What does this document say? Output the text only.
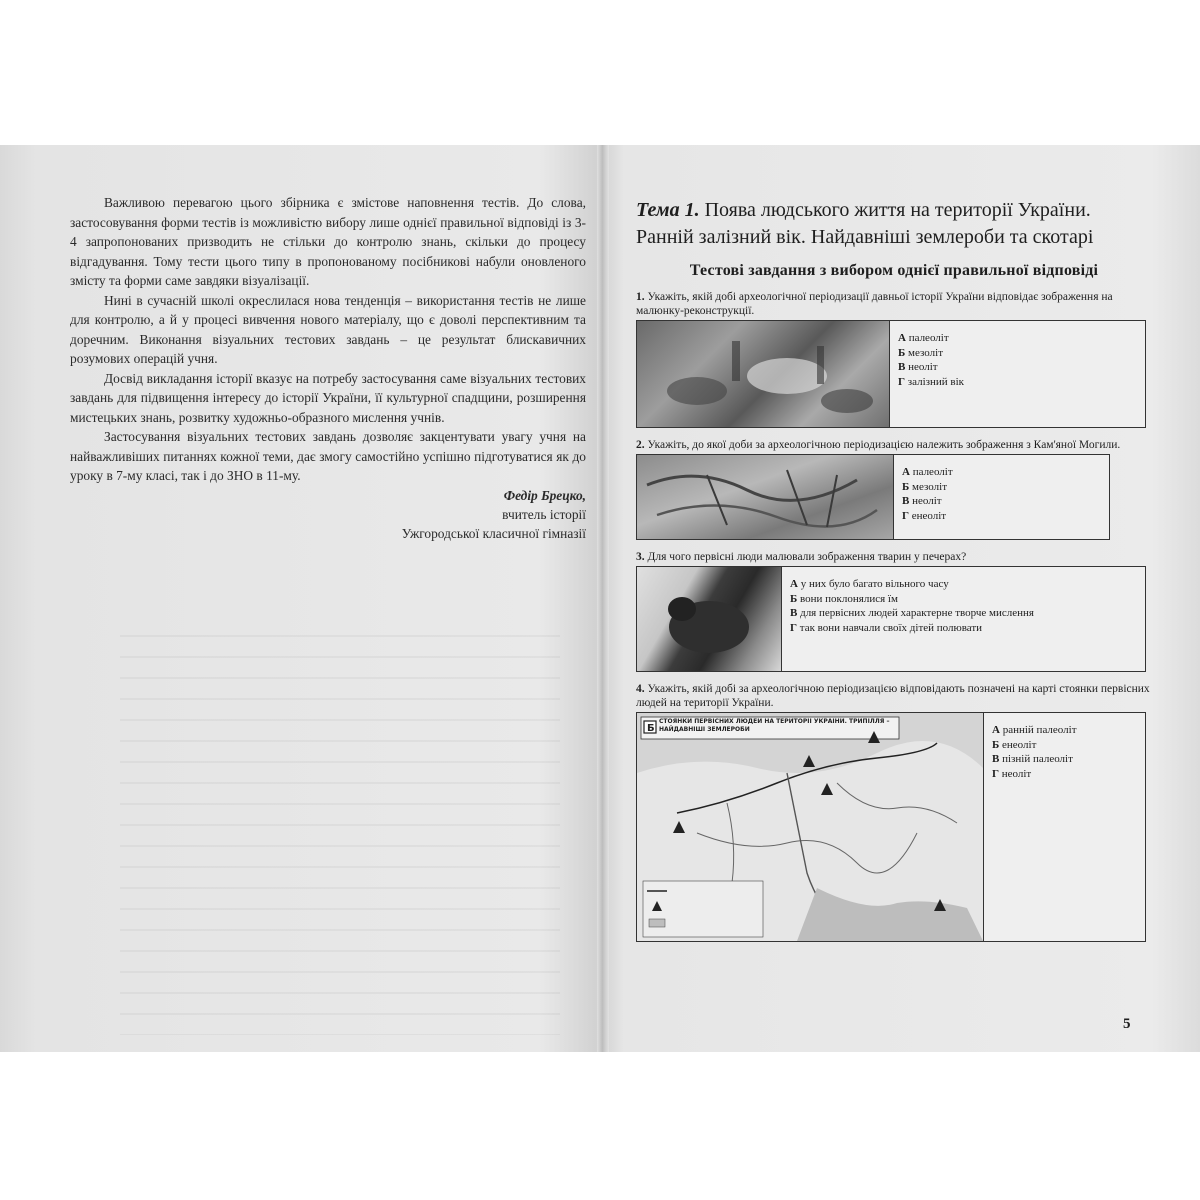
Важливою перевагою цього збірника є змістове наповнення тестів. До слова, застосовування форми тестів із можливістю вибору лише однієї правильної відповіді із 3-4 запропонованих призводить не стільки до контролю знань, скільки до процесу відгадування. Тому тести цього типу в пропонованому посібникові набули оновленого змісту та форми саме завдяки візуалізації.

Нині в сучасній школі окреслилася нова тенденція – використання тестів не лише для контролю, а й у процесі вивчення нового матеріалу, що є доволі перспективним та доречним. Виконання візуальних тестових завдань – це результат блискавичних розумових операцій учня.

Досвід викладання історії вказує на потребу застосування саме візуальних тестових завдань для підвищення інтересу до історії України, її культурної спадщини, розширення мистецьких знань, розвитку художньо-образного мислення учнів.

Застосування візуальних тестових завдань дозволяє закцентувати увагу учня на найважливіших питаннях кожної теми, дає змогу самостійно успішно підготуватися як до уроку в 7-му класі, так і до ЗНО в 11-му.

Федір Брецко,
вчитель історії
Ужгородської класичної гімназії
Тема 1. Поява людського життя на території України. Ранній залізний вік. Найдавніші землероби та скотарі
Тестові завдання з вибором однієї правильної відповіді
1. Укажіть, якій добі археологічної періодизації давньої історії України відповідає зображення на малюнку-реконструкції.
А палеоліт
Б мезоліт
В неоліт
Г залізний вік
2. Укажіть, до якої доби за археологічною періодизацією належить зображення з Кам'яної Могили.
А палеоліт
Б мезоліт
В неоліт
Г енеоліт
3. Для чого первісні люди малювали зображення тварин у печерах?
А у них було багато вільного часу
Б вони поклонялися їм
В для первісних людей характерне творче мислення
Г так вони навчали своїх дітей полювати
4. Укажіть, якій добі за археологічною періодизацією відповідають позначені на карті стоянки первісних людей на території України.
Б
СТОЯНКИ ПЕРВІСНИХ ЛЮДЕЙ НА ТЕРИТОРІЇ УКРАЇНИ. ТРИПІЛЛЯ – НАЙДАВНІШІ ЗЕМЛЕРОБИ	А ранній палеоліт
Б енеоліт
В пізній палеоліт
Г неоліт
5
